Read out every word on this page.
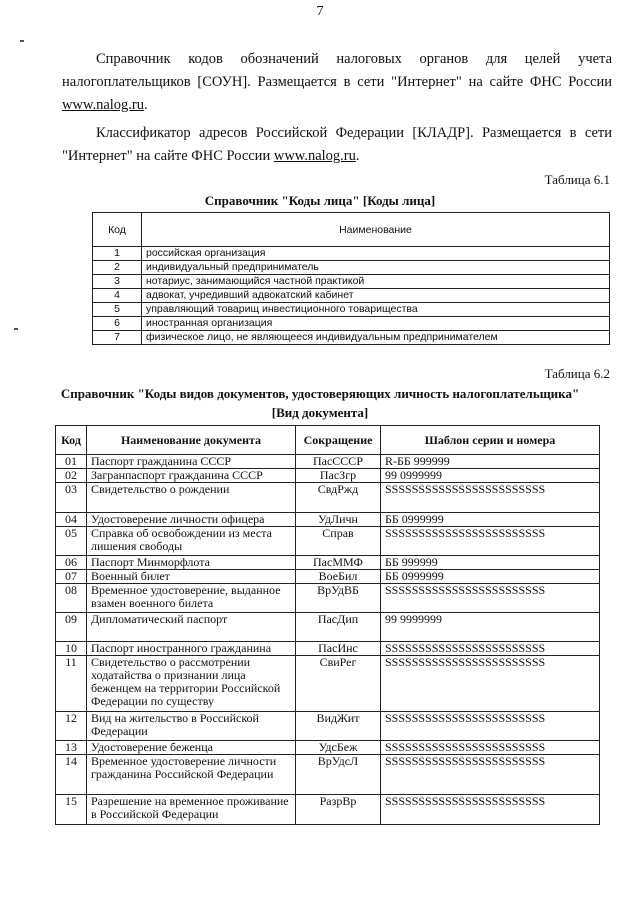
7
Справочник кодов обозначений налоговых органов для целей учета налогоплательщиков [СОУН]. Размещается в сети "Интернет" на сайте ФНС России www.nalog.ru.
Классификатор адресов Российской Федерации [КЛАДР]. Размещается в сети "Интернет" на сайте ФНС России www.nalog.ru.
Таблица 6.1
Справочник "Коды лица" [Коды лица]
Код	Наименование
1	российская организация
2	индивидуальный предприниматель
3	нотариус, занимающийся частной практикой
4	адвокат, учредивший адвокатский кабинет
5	управляющий товарищ инвестиционного товарищества
6	иностранная организация
7	физическое лицо, не являющееся индивидуальным предпринимателем
Таблица 6.2
Справочник "Коды видов документов, удостоверяющих личность налогоплательщика"
[Вид документа]
Код	Наименование документа	Сокращение	Шаблон серии и номера
01	Паспорт гражданина СССР	ПасСССР	R-ББ 999999
02	Загранпаспорт гражданина СССР	ПасЗгр	99 0999999
03	Свидетельство о рождении	СвдРжд	SSSSSSSSSSSSSSSSSSSSSSSS
04	Удостоверение личности офицера	УдЛичн	ББ 0999999
05	Справка об освобождении из места лишения свободы	Справ	SSSSSSSSSSSSSSSSSSSSSSSS
06	Паспорт Минморфлота	ПасММФ	ББ 999999
07	Военный билет	ВоеБил	ББ 0999999
08	Временное удостоверение, выданное взамен военного билета	ВрУдВБ	SSSSSSSSSSSSSSSSSSSSSSSS
09	Дипломатический паспорт	ПасДип	99 9999999
10	Паспорт иностранного гражданина	ПасИнс	SSSSSSSSSSSSSSSSSSSSSSSS
11	Свидетельство о рассмотрении ходатайства о признании лица беженцем на территории Российской Федерации по существу	СвиРег	SSSSSSSSSSSSSSSSSSSSSSSS
12	Вид на жительство в Российской Федерации	ВидЖит	SSSSSSSSSSSSSSSSSSSSSSSS
13	Удостоверение беженца	УдсБеж	SSSSSSSSSSSSSSSSSSSSSSSS
14	Временное удостоверение личности гражданина Российской Федерации	ВрУдсЛ	SSSSSSSSSSSSSSSSSSSSSSSS
15	Разрешение на временное проживание в Российской Федерации	РазрВр	SSSSSSSSSSSSSSSSSSSSSSSS
